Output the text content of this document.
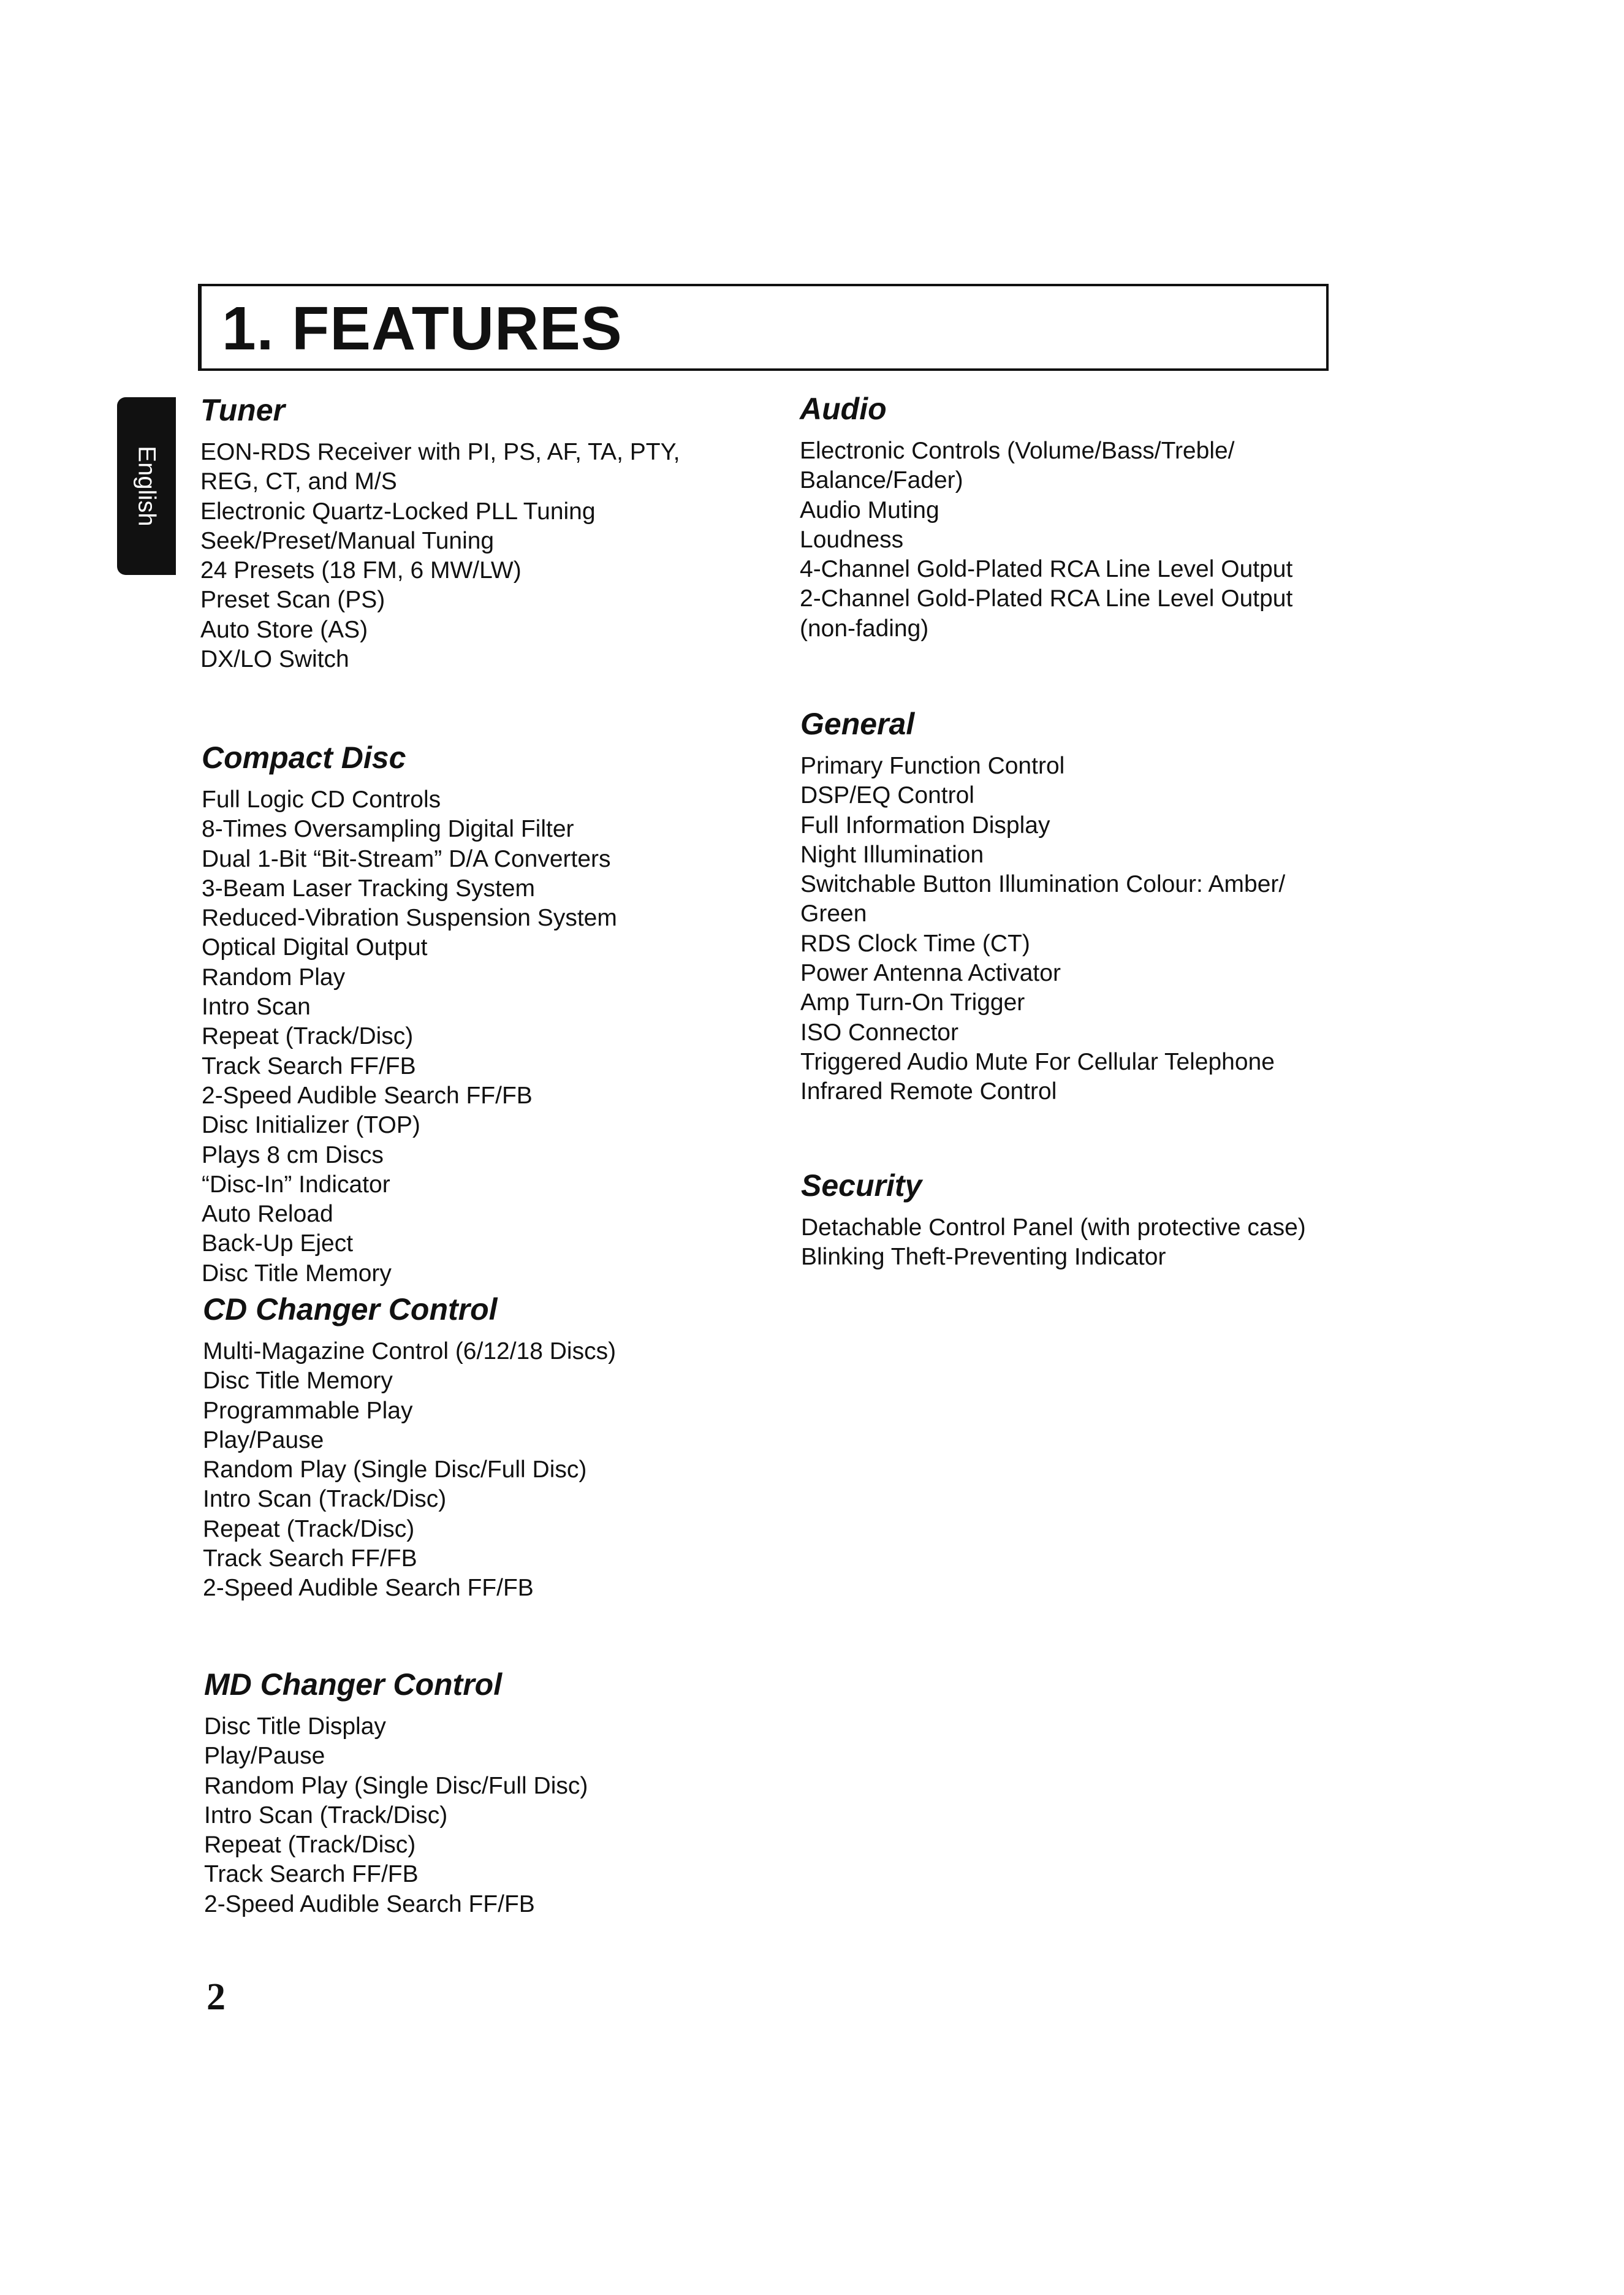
1. FEATURES
English
Tuner
EON-RDS Receiver with PI, PS, AF, TA, PTY,
REG, CT, and M/S
Electronic Quartz-Locked PLL Tuning
Seek/Preset/Manual Tuning
24 Presets (18 FM, 6 MW/LW)
Preset Scan (PS)
Auto Store (AS)
DX/LO Switch
Compact Disc
Full Logic CD Controls
8-Times Oversampling Digital Filter
Dual 1-Bit “Bit-Stream” D/A Converters
3-Beam Laser Tracking System
Reduced-Vibration Suspension System
Optical Digital Output
Random Play
Intro Scan
Repeat (Track/Disc)
Track Search FF/FB
2-Speed Audible Search FF/FB
Disc Initializer (TOP)
Plays 8 cm Discs
“Disc-In” Indicator
Auto Reload
Back-Up Eject
Disc Title Memory
CD Changer Control
Multi-Magazine Control (6/12/18 Discs)
Disc Title Memory
Programmable Play
Play/Pause
Random Play (Single Disc/Full Disc)
Intro Scan (Track/Disc)
Repeat (Track/Disc)
Track Search FF/FB
2-Speed Audible Search FF/FB
MD Changer Control
Disc Title Display
Play/Pause
Random Play (Single Disc/Full Disc)
Intro Scan (Track/Disc)
Repeat (Track/Disc)
Track Search FF/FB
2-Speed Audible Search FF/FB
Audio
Electronic Controls (Volume/Bass/Treble/
Balance/Fader)
Audio Muting
Loudness
4-Channel Gold-Plated RCA Line Level Output
2-Channel Gold-Plated RCA Line Level Output
(non-fading)
General
Primary Function Control
DSP/EQ Control
Full Information Display
Night Illumination
Switchable Button Illumination Colour: Amber/
Green
RDS Clock Time (CT)
Power Antenna Activator
Amp Turn-On Trigger
ISO Connector
Triggered Audio Mute For Cellular Telephone
Infrared Remote Control
Security
Detachable Control Panel (with protective case)
Blinking Theft-Preventing Indicator
2
